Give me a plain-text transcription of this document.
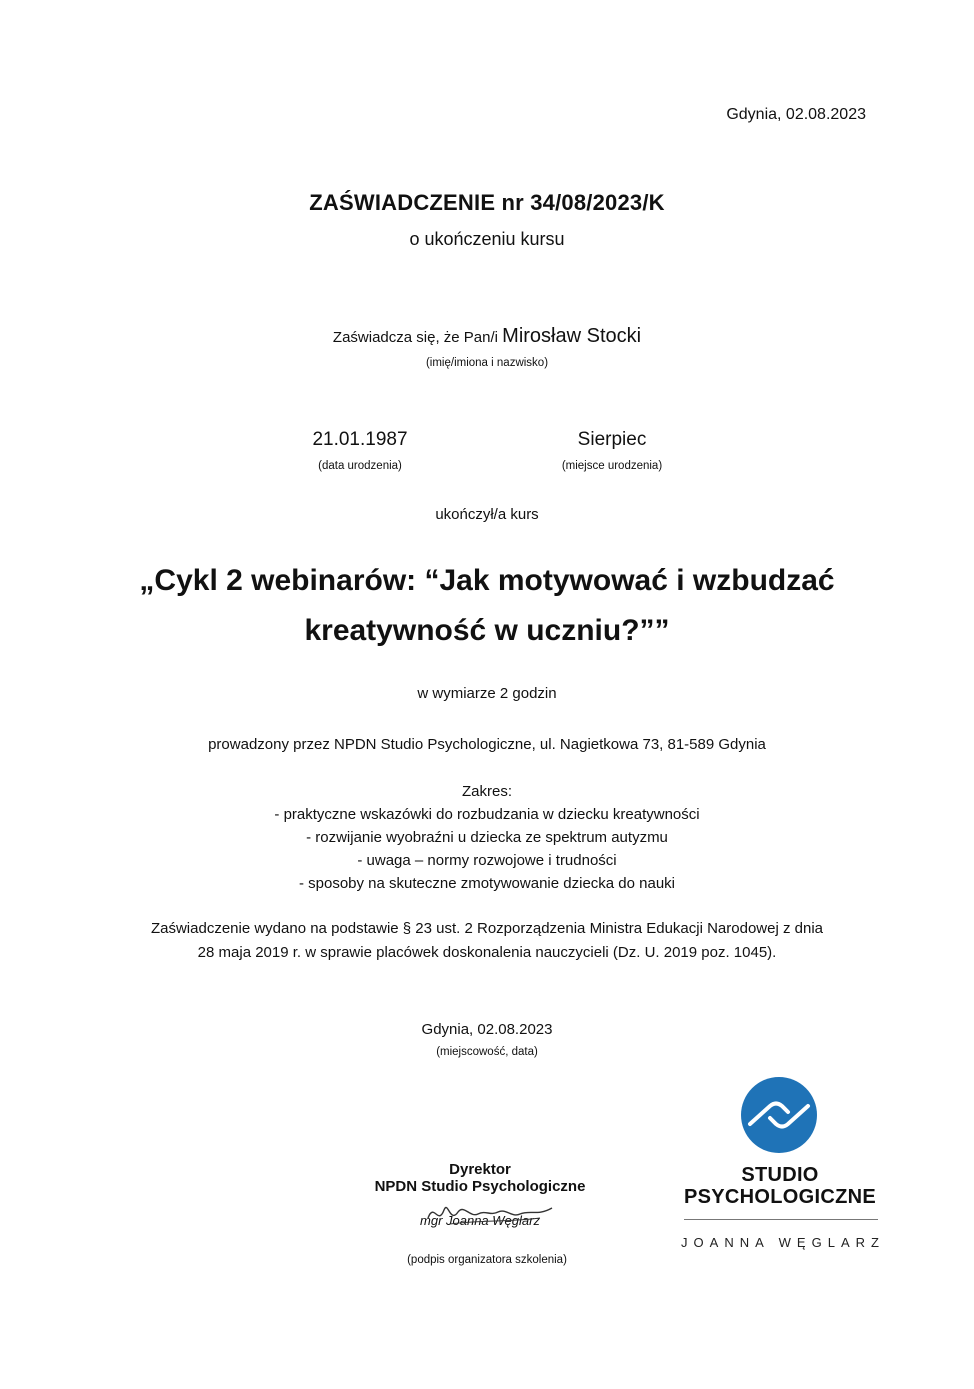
Gdynia, 02.08.2023
ZAŚWIADCZENIE nr 34/08/2023/K
o ukończeniu kursu
Zaświadcza się, że Pan/i Mirosław Stocki
(imię/imiona i nazwisko)
21.01.1987
(data urodzenia)
Sierpiec
(miejsce urodzenia)
ukończył/a kurs
„Cykl 2 webinarów: “Jak motywować i wzbudzać
kreatywność w uczniu?””
w wymiarze 2 godzin
prowadzony przez NPDN Studio Psychologiczne, ul. Nagietkowa 73, 81-589 Gdynia
Zakres:
- praktyczne wskazówki do rozbudzania w dziecku kreatywności
- rozwijanie wyobraźni u dziecka ze spektrum autyzmu
- uwaga – normy rozwojowe i trudności
- sposoby na skuteczne zmotywowanie dziecka do nauki
Zaświadczenie wydano na podstawie § 23 ust. 2 Rozporządzenia Ministra Edukacji Narodowej z dnia
28 maja 2019 r. w sprawie placówek doskonalenia nauczycieli (Dz. U. 2019 poz. 1045).
Gdynia, 02.08.2023
(miejscowość, data)
Dyrektor
NPDN Studio Psychologiczne
mgr Joanna Węglarz
(podpis organizatora szkolenia)
STUDIO
PSYCHOLOGICZNE
JOANNA WĘGLARZ
